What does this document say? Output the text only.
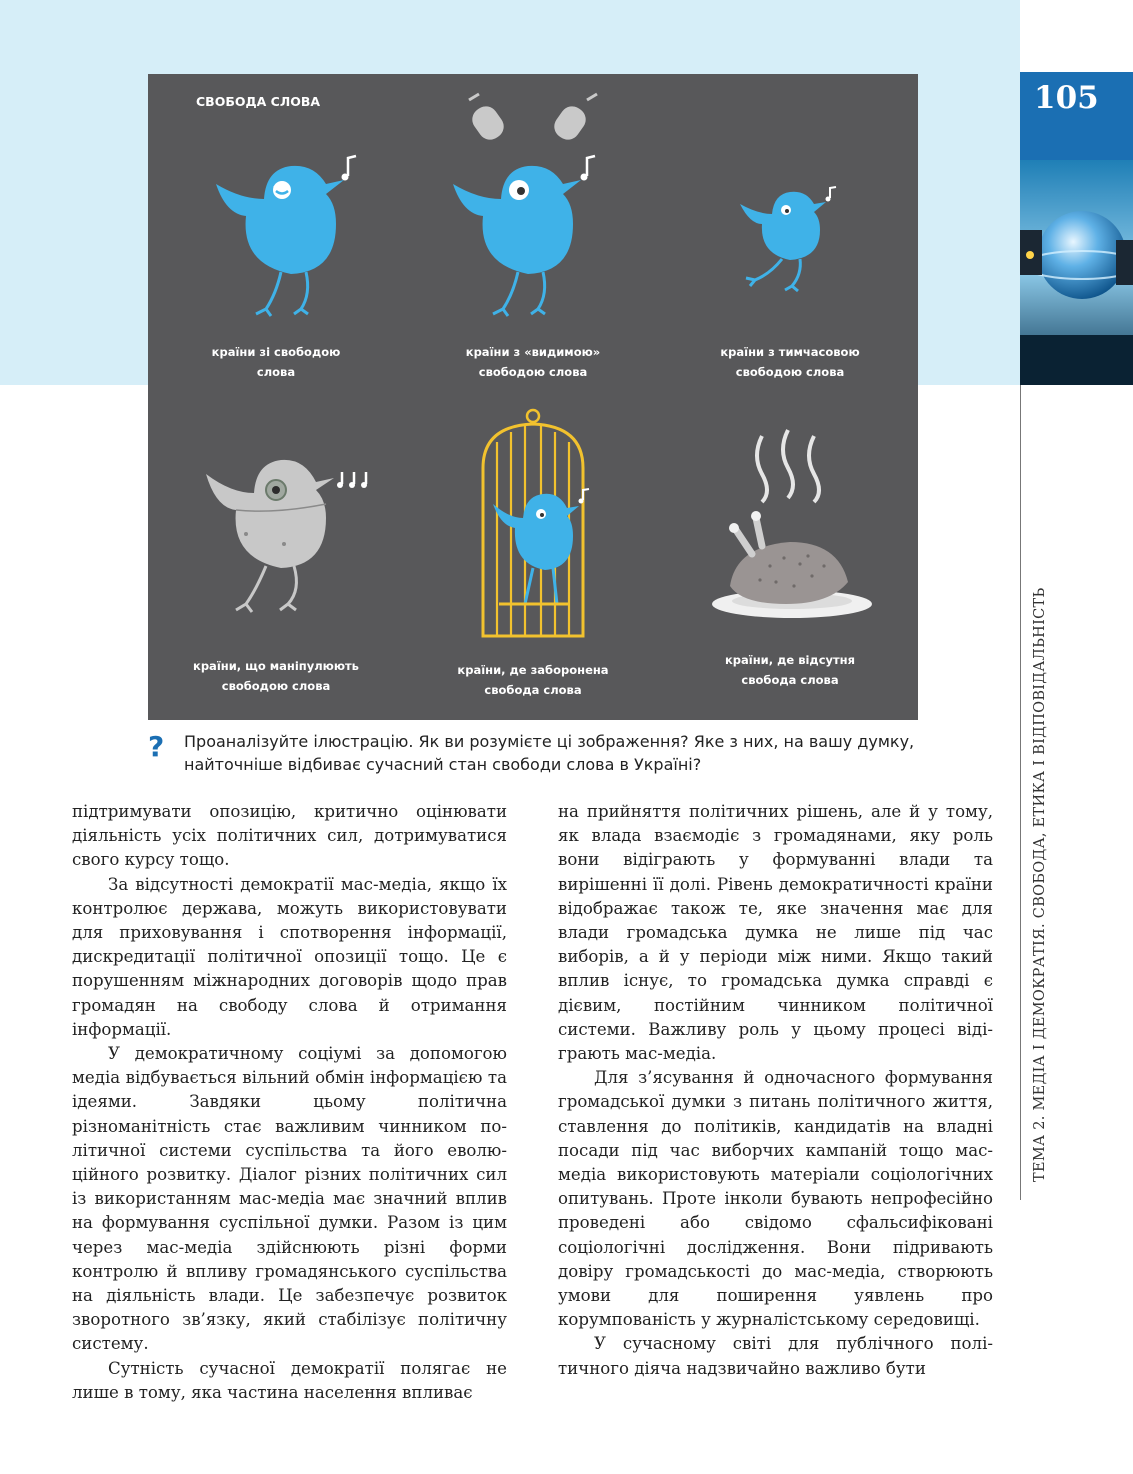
105
ТЕМА 2. МЕДІА І ДЕМОКРАТІЯ. СВОБОДА, ЕТИКА І ВІДПОВІДАЛЬНІСТЬ
СВОБОДА СЛОВА
країни зі свободою
слова
країни з «видимою»
свободою слова
країни з тимчасовою
свободою слова
країни, що маніпулюють
свободою слова
країни, де заборонена
свобода слова
країни, де відсутня
свобода слова
? Проаналізуйте ілюстрацію. Як ви розумієте ці зображення? Яке з них, на вашу думку, найточніше відбиває сучасний стан свободи слова в Україні?

підтримувати опозицію, критично оцінювати діяльність усіх політичних сил, дотримуватися свого курсу тощо.

За відсутності демократії мас-медіа, якщо їх контролює держава, можуть використовувати для приховування і спотворення інформації, дискредитації політичної опозиції тощо. Це є порушенням міжнародних договорів щодо прав громадян на свободу слова й отримання інформації.

У демократичному соціумі за допомогою медіа відбувається вільний обмін інформацією та ідеями. Завдяки цьому політична різноманітність стає важливим чинником політичної системи суспільства та його еволюційного розвитку. Діалог різних політичних сил із використанням мас-медіа має значний вплив на формування суспільної думки. Разом із цим через мас-медіа здійснюють різні форми контролю й впливу громадянського суспільства на діяльність влади. Це забезпечує розвиток зворотного зв’язку, який стабілізує політичну систему.

Сутність сучасної демократії полягає не лише в тому, яка частина населення впливає

на прийняття політичних рішень, але й у тому, як влада взаємодіє з громадянами, яку роль вони відіграють у формуванні влади та вирішенні її долі. Рівень демократичності країни відображає також те, яке значення має для влади громадська думка не лише під час виборів, а й у періоди між ними. Якщо такий вплив існує, то громадська думка справді є дієвим, постійним чинником політичної системи. Важливу роль у цьому процесі відіграють мас-медіа.

Для з’ясування й одночасного формування громадської думки з питань політичного життя, ставлення до політиків, кандидатів на владні посади під час виборчих кампаній тощо мас-медіа використовують матеріали соціологічних опитувань. Проте інколи бувають непрофесійно проведені або свідомо сфальсифіковані соціологічні дослідження. Вони підривають довіру громадськості до мас-медіа, створюють умови для поширення уявлень про корумпованість у журналістському середовищі.

У сучасному світі для публічного політичного діяча надзвичайно важливо бути
